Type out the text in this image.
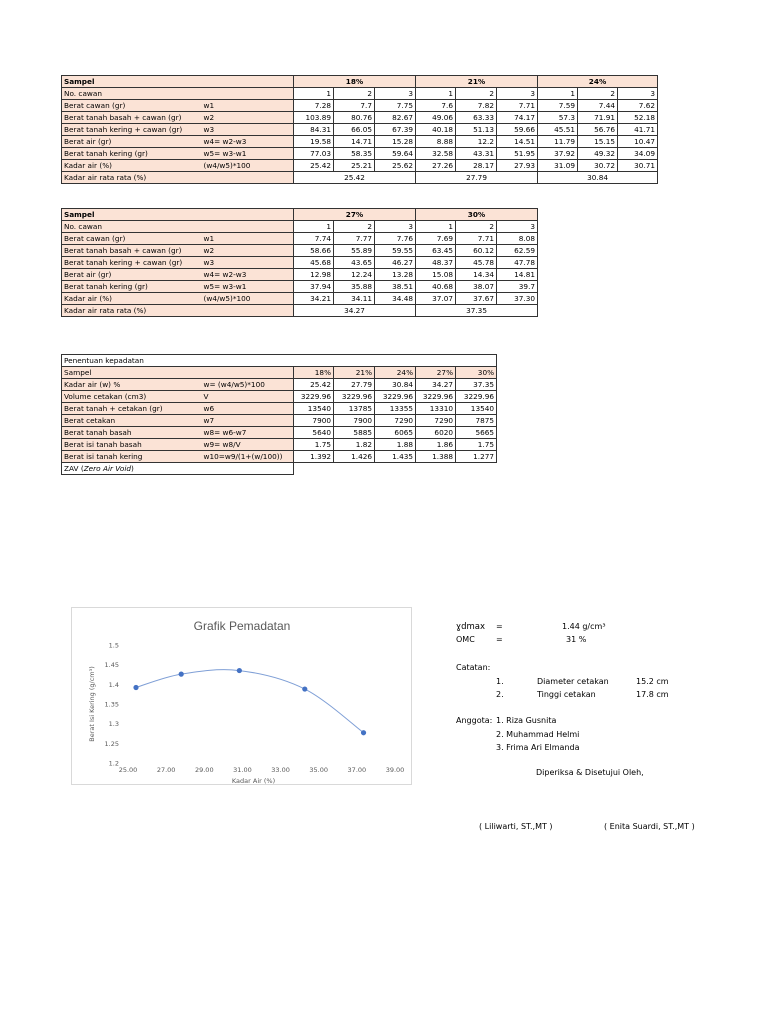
Sampel		18%			21%			24%		
No. cawan		1	2	3	1	2	3	1	2	3
Berat cawan (gr)	w1	7.28	7.7	7.75	7.6	7.82	7.71	7.59	7.44	7.62
Berat tanah basah + cawan (gr)	w2	103.89	80.76	82.67	49.06	63.33	74.17	57.3	71.91	52.18
Berat tanah kering + cawan (gr)	w3	84.31	66.05	67.39	40.18	51.13	59.66	45.51	56.76	41.71
Berat air (gr)	w4= w2-w3	19.58	14.71	15.28	8.88	12.2	14.51	11.79	15.15	10.47
Berat tanah kering (gr)	w5= w3-w1	77.03	58.35	59.64	32.58	43.31	51.95	37.92	49.32	34.09
Kadar air (%)	(w4/w5)*100	25.42	25.21	25.62	27.26	28.17	27.93	31.09	30.72	30.71
Kadar air rata rata (%)		25.42			27.79			30.84		
Sampel		27%			30%		
No. cawan		1	2	3	1	2	3
Berat cawan (gr)	w1	7.74	7.77	7.76	7.69	7.71	8.08
Berat tanah basah + cawan (gr)	w2	58.66	55.89	59.55	63.45	60.12	62.59
Berat tanah kering + cawan (gr)	w3	45.68	43.65	46.27	48.37	45.78	47.78
Berat air (gr)	w4= w2-w3	12.98	12.24	13.28	15.08	14.34	14.81
Berat tanah kering (gr)	w5= w3-w1	37.94	35.88	38.51	40.68	38.07	39.7
Kadar air (%)	(w4/w5)*100	34.21	34.11	34.48	37.07	37.67	37.30
Kadar air rata rata (%)		34.27			37.35		
Penentuan kepadatan						
Sampel		18%	21%	24%	27%	30%
Kadar air (w) %	w= (w4/w5)*100	25.42	27.79	30.84	34.27	37.35
Volume cetakan (cm3)	V	3229.96	3229.96	3229.96	3229.96	3229.96
Berat tanah + cetakan (gr)	w6	13540	13785	13355	13310	13540
Berat cetakan	w7	7900	7900	7290	7290	7875
Berat tanah basah	w8= w6-w7	5640	5885	6065	6020	5665
Berat isi tanah basah	w9= w8/V	1.75	1.82	1.88	1.86	1.75
Berat isi tanah kering	w10=w9/(1+(w/100))	1.392	1.426	1.435	1.388	1.277
ZAV (Zero Air Void)						
Grafik Pemadatan
1.2
1.25
1.3
1.35
1.4
1.45
1.5
25.00	27.00	29.00	31.00	33.00	35.00	37.00	39.00
Kadar Air (%)
Berat Isi Kering (g/cm³)
ɣdmax =	1.44 g/cm³
OMC	=	31 %
Catatan:
1.	Diameter cetakan	15.2 cm
2.	Tinggi cetakan	17.8 cm
Anggota: 1. Riza Gusnita
2. Muhammad Helmi
3. Frima Ari Elmanda
Diperiksa & Disetujui Oleh,
( Liliwarti, ST.,MT )	( Enita Suardi, ST.,MT )
